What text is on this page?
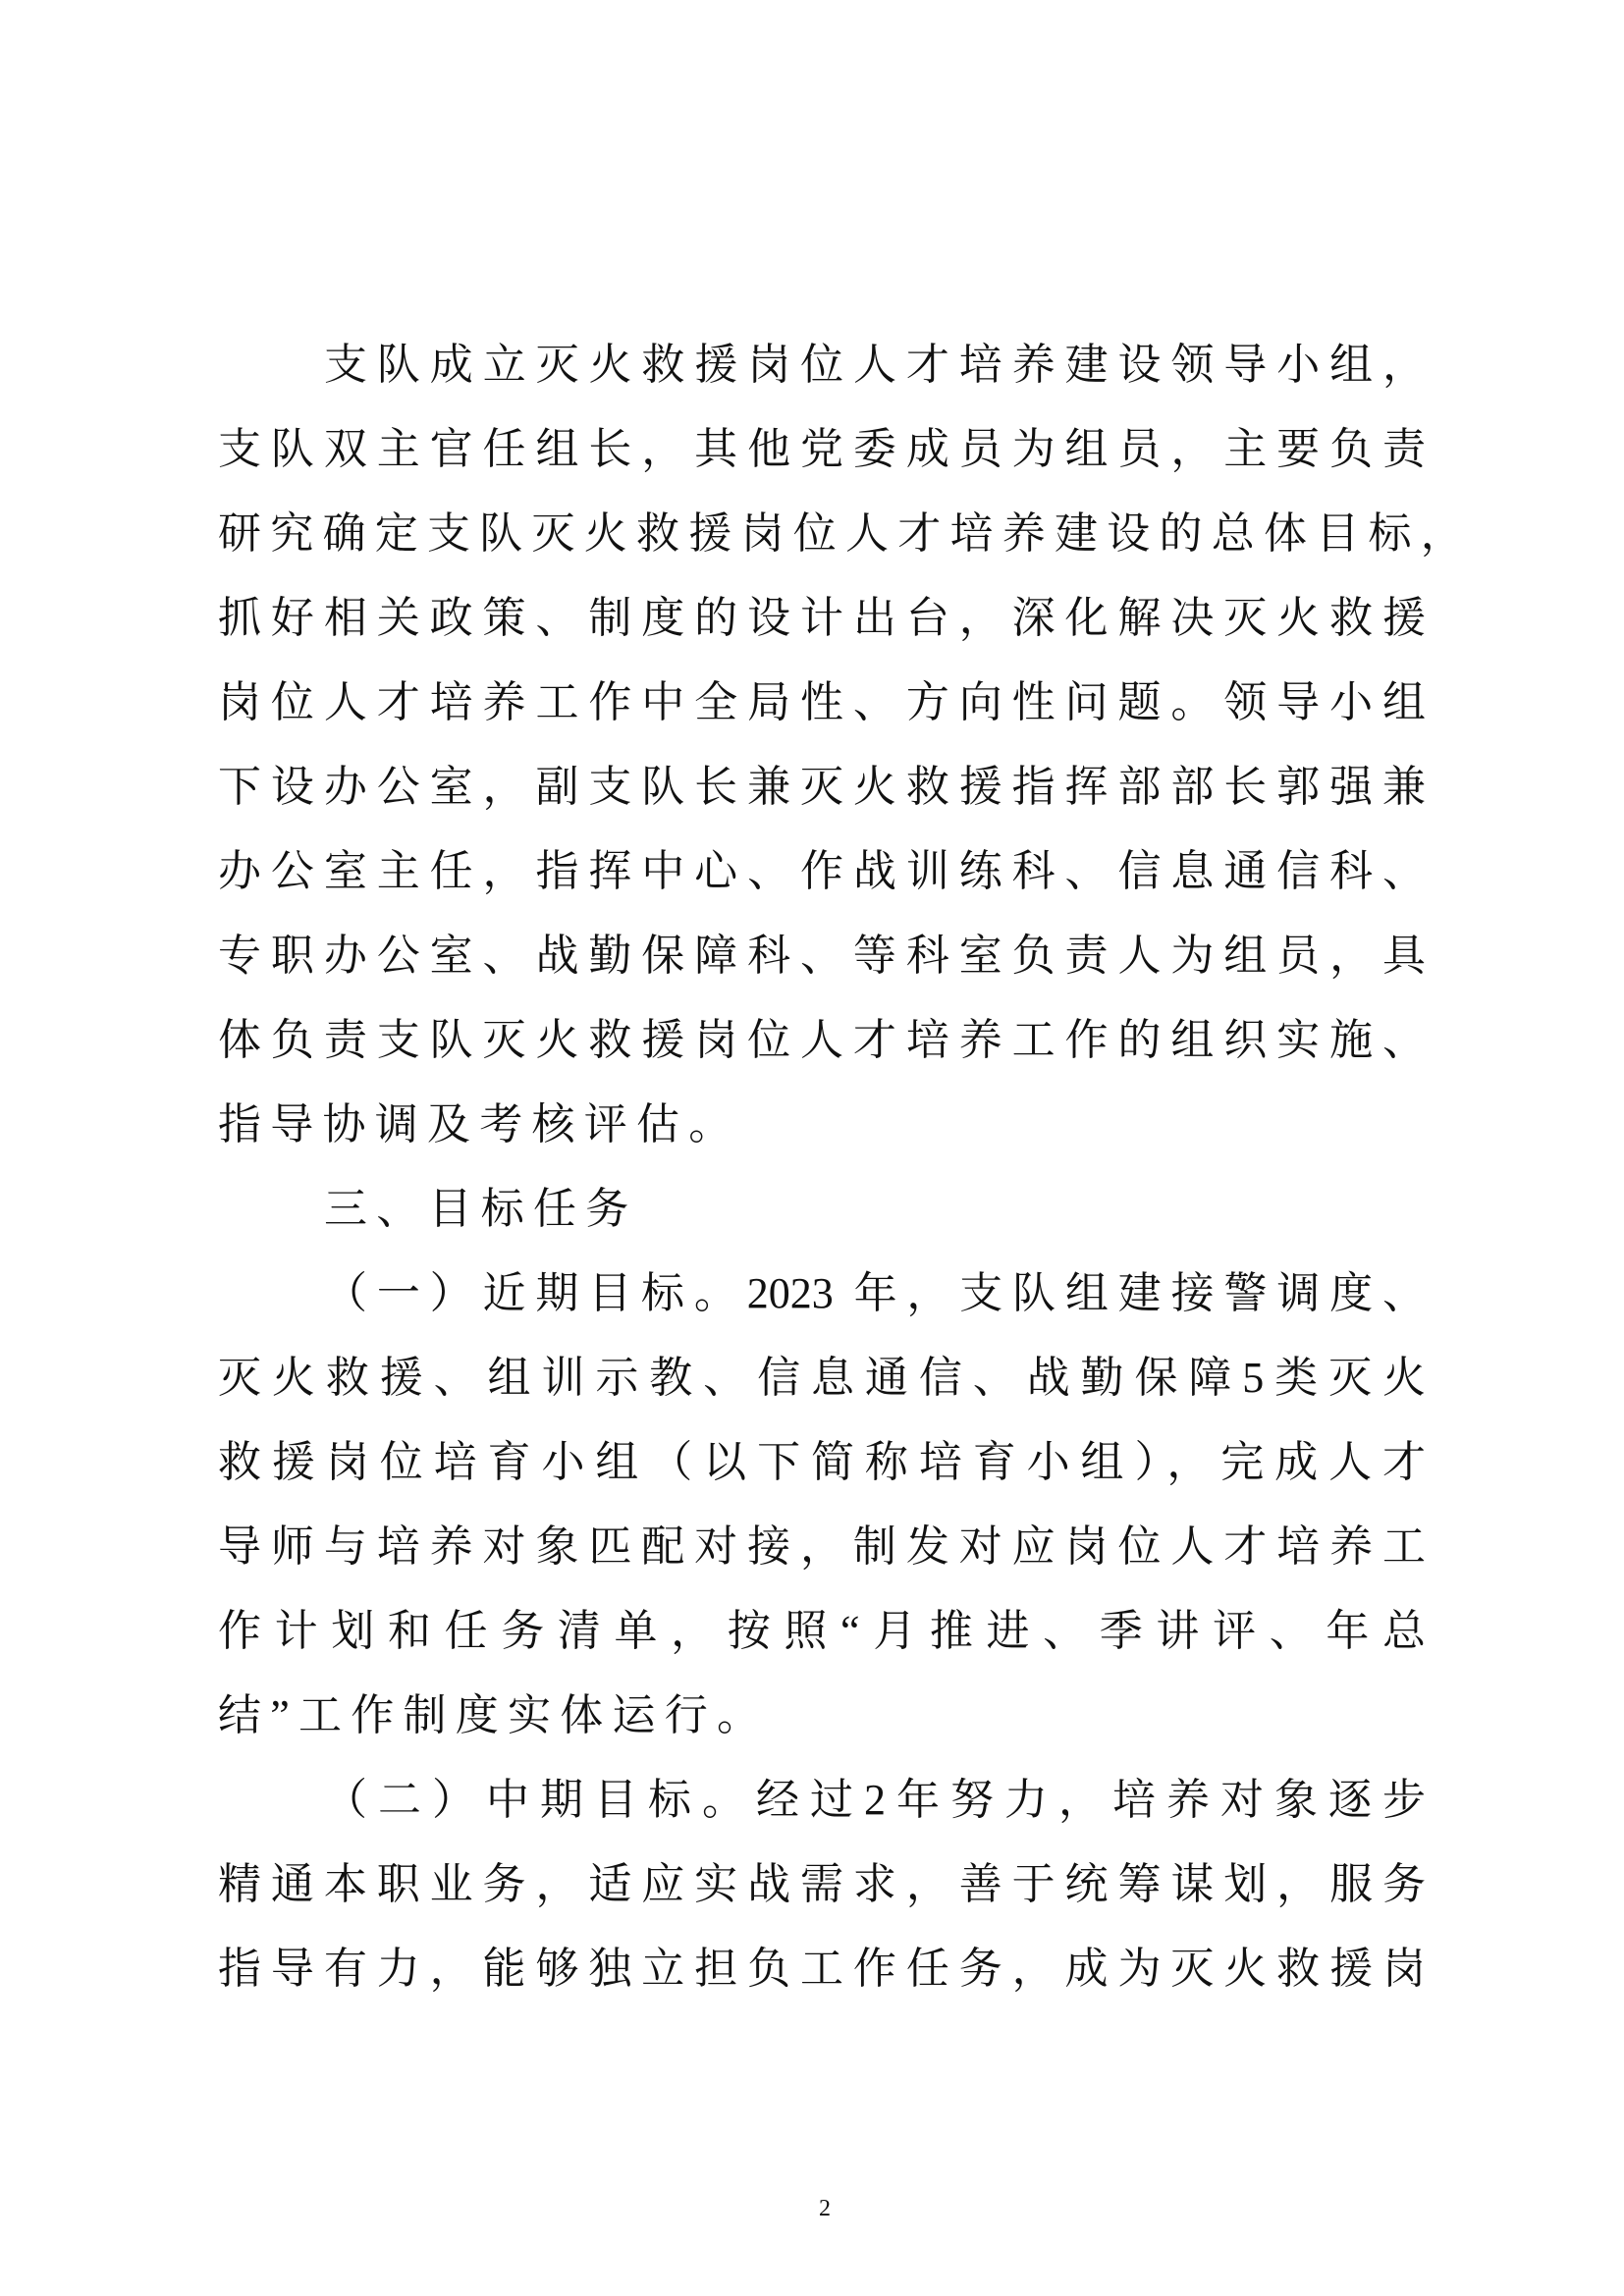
支队成立灭火救援岗位人才培养建设领导小组，
支队双主官任组长，其他党委成员为组员，主要负责
研究确定支队灭火救援岗位人才培养建设的总体目标，
抓好相关政策、制度的设计出台，深化解决灭火救援
岗位人才培养工作中全局性、方向性问题。领导小组
下设办公室，副支队长兼灭火救援指挥部部长郭强兼
办公室主任，指挥中心、作战训练科、信息通信科、
专职办公室、战勤保障科、等科室负责人为组员，具
体负责支队灭火救援岗位人才培养工作的组织实施、
指导协调及考核评估。
三、目标任务
（一）近期目标。2023 年，支队组建接警调度、
灭火救援、组训示教、信息通信、战勤保障5类灭火
救援岗位培育小组（以下简称培育小组），完成人才
导师与培养对象匹配对接，制发对应岗位人才培养工
作计划和任务清单，按照“月推进、季讲评、年总
结”工作制度实体运行。
（二）中期目标。经过2年努力，培养对象逐步
精通本职业务，适应实战需求，善于统筹谋划，服务
指导有力，能够独立担负工作任务，成为灭火救援岗
2
